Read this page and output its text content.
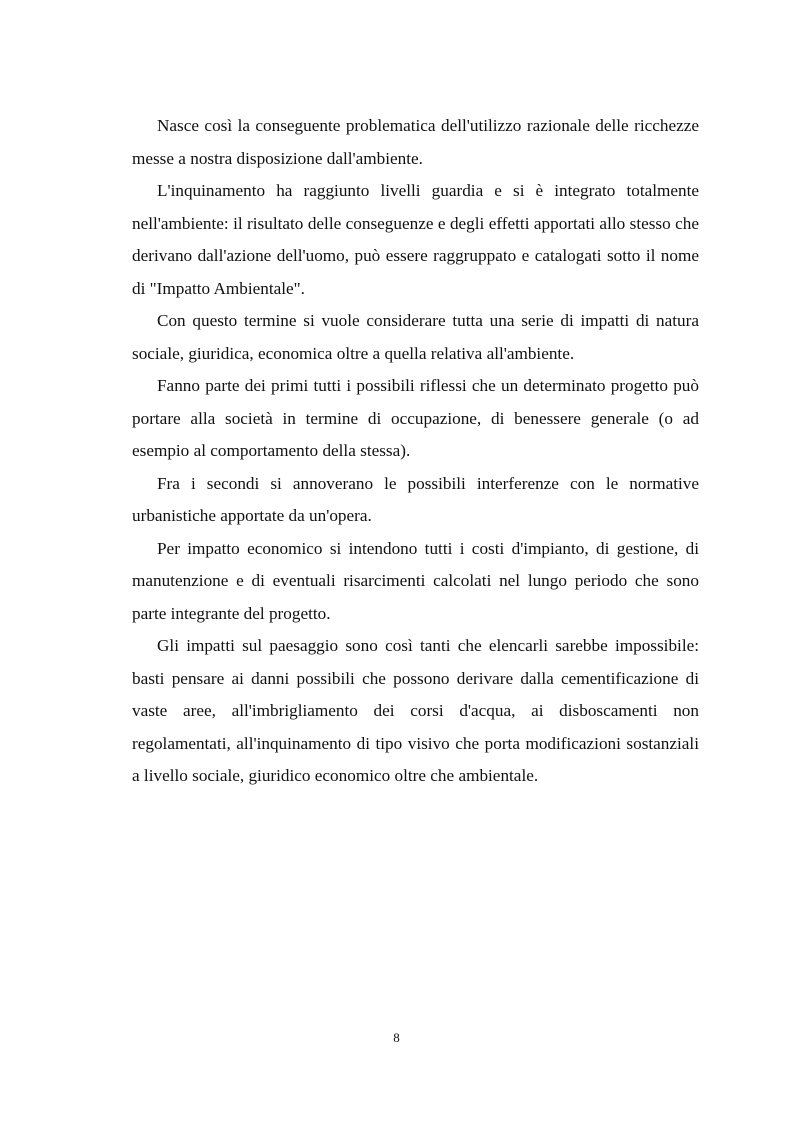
Nasce così la conseguente problematica dell'utilizzo razionale delle ricchezze messe a nostra disposizione dall'ambiente.

L'inquinamento ha raggiunto livelli guardia e si è integrato totalmente nell'ambiente: il risultato delle conseguenze e degli effetti apportati allo stesso che derivano dall'azione dell'uomo, può essere raggruppato e catalogati sotto il nome di "Impatto Ambientale".

Con questo termine si vuole considerare tutta una serie di impatti di natura sociale, giuridica, economica oltre a quella relativa all'ambiente.

Fanno parte dei primi tutti i possibili riflessi che un determinato progetto può portare alla società in termine di occupazione, di benessere generale (o ad esempio al comportamento della stessa).

Fra i secondi si annoverano le possibili interferenze con le normative urbanistiche apportate da un'opera.

Per impatto economico si intendono tutti i costi d'impianto, di gestione, di manutenzione e di eventuali risarcimenti calcolati nel lungo periodo che sono parte integrante del progetto.

Gli impatti sul paesaggio sono così tanti che elencarli sarebbe impossibile: basti pensare ai danni possibili che possono derivare dalla cementificazione di vaste aree, all'imbrigliamento dei corsi d'acqua, ai disboscamenti non regolamentati, all'inquinamento di tipo visivo che porta modificazioni sostanziali a livello sociale, giuridico economico oltre che ambientale.

8
